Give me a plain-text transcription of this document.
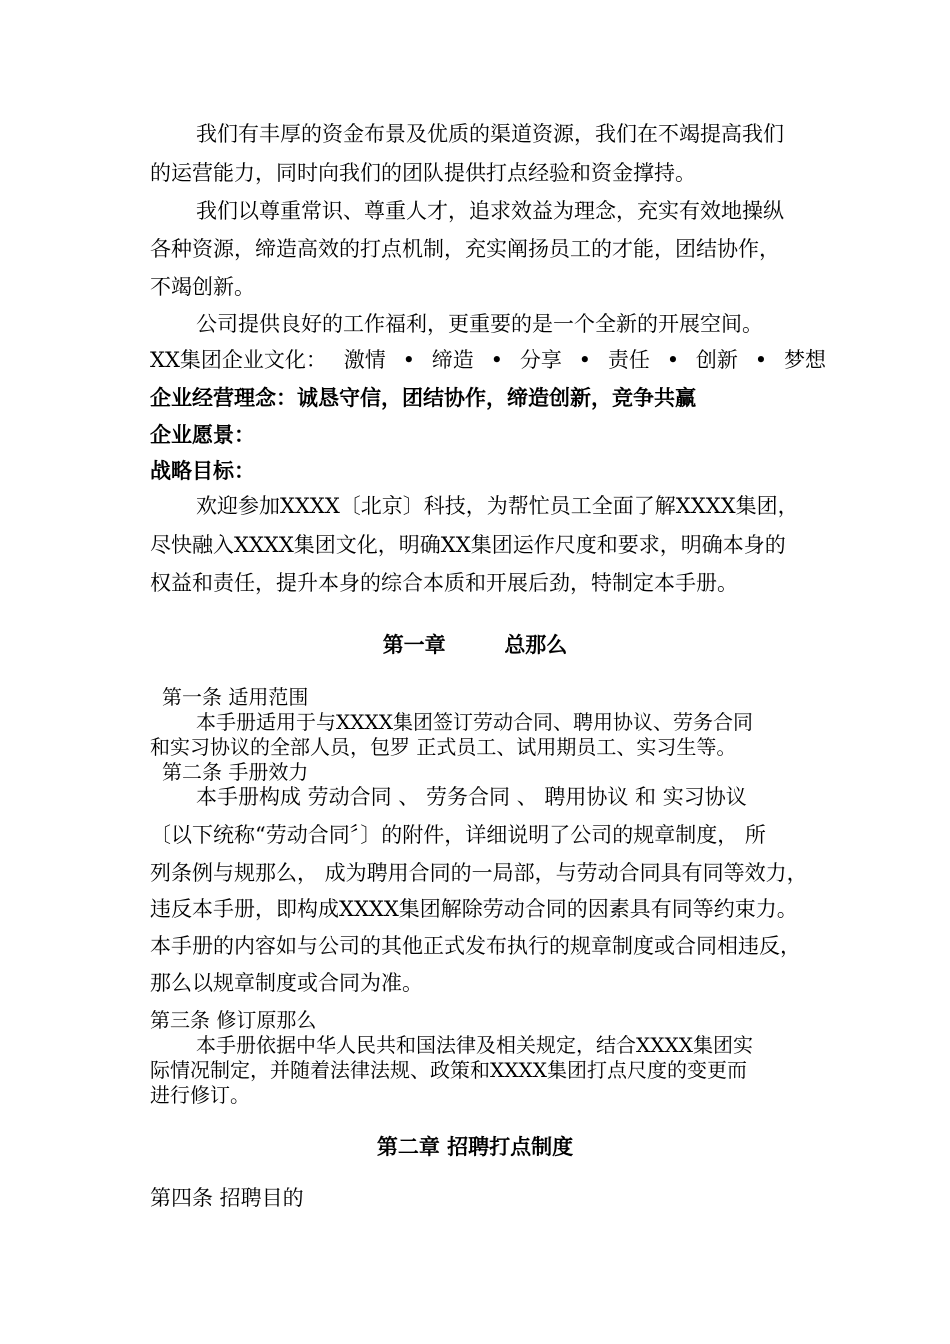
我们有丰厚的资金布景及优质的渠道资源，我们在不竭提高我们
的运营能力，同时向我们的团队提供打点经验和资金撑持。
我们以尊重常识、尊重人才，追求效益为理念，充实有效地操纵
各种资源，缔造高效的打点机制，充实阐扬员工的才能，团结协作，
不竭创新。
公司提供良好的工作福利，更重要的是一个全新的开展空间。
XX集团企业文化： 激情 • 缔造 • 分享 • 责任 • 创新 • 梦想
企业经营理念：诚恳守信，团结协作，缔造创新，竞争共赢
企业愿景：
战略目标：
欢迎参加XXXX〔北京〕科技，为帮忙员工全面了解XXXX集团，
尽快融入XXXX集团文化，明确XX集团运作尺度和要求，明确本身的
权益和责任，提升本身的综合本质和开展后劲，特制定本手册。
第一章	总那么
第一条 适用范围
本手册适用于与XXXX集团签订劳动合同、聘用协议、劳务合同
和实习协议的全部人员，包罗 正式员工、试用期员工、实习生等。
第二条 手册效力
本手册构成 劳动合同 、 劳务合同 、 聘用协议 和 实习协议
〔以下统称“劳动合同〞〕的附件，详细说明了公司的规章制度， 所
列条例与规那么， 成为聘用合同的一局部，与劳动合同具有同等效力，
违反本手册，即构成XXXX集团解除劳动合同的因素具有同等约束力。
本手册的内容如与公司的其他正式发布执行的规章制度或合同相违反，
那么以规章制度或合同为准。
第三条 修订原那么
本手册依据中华人民共和国法律及相关规定，结合XXXX集团实
际情况制定，并随着法律法规、政策和XXXX集团打点尺度的变更而
进行修订。
第二章 招聘打点制度
第四条 招聘目的
